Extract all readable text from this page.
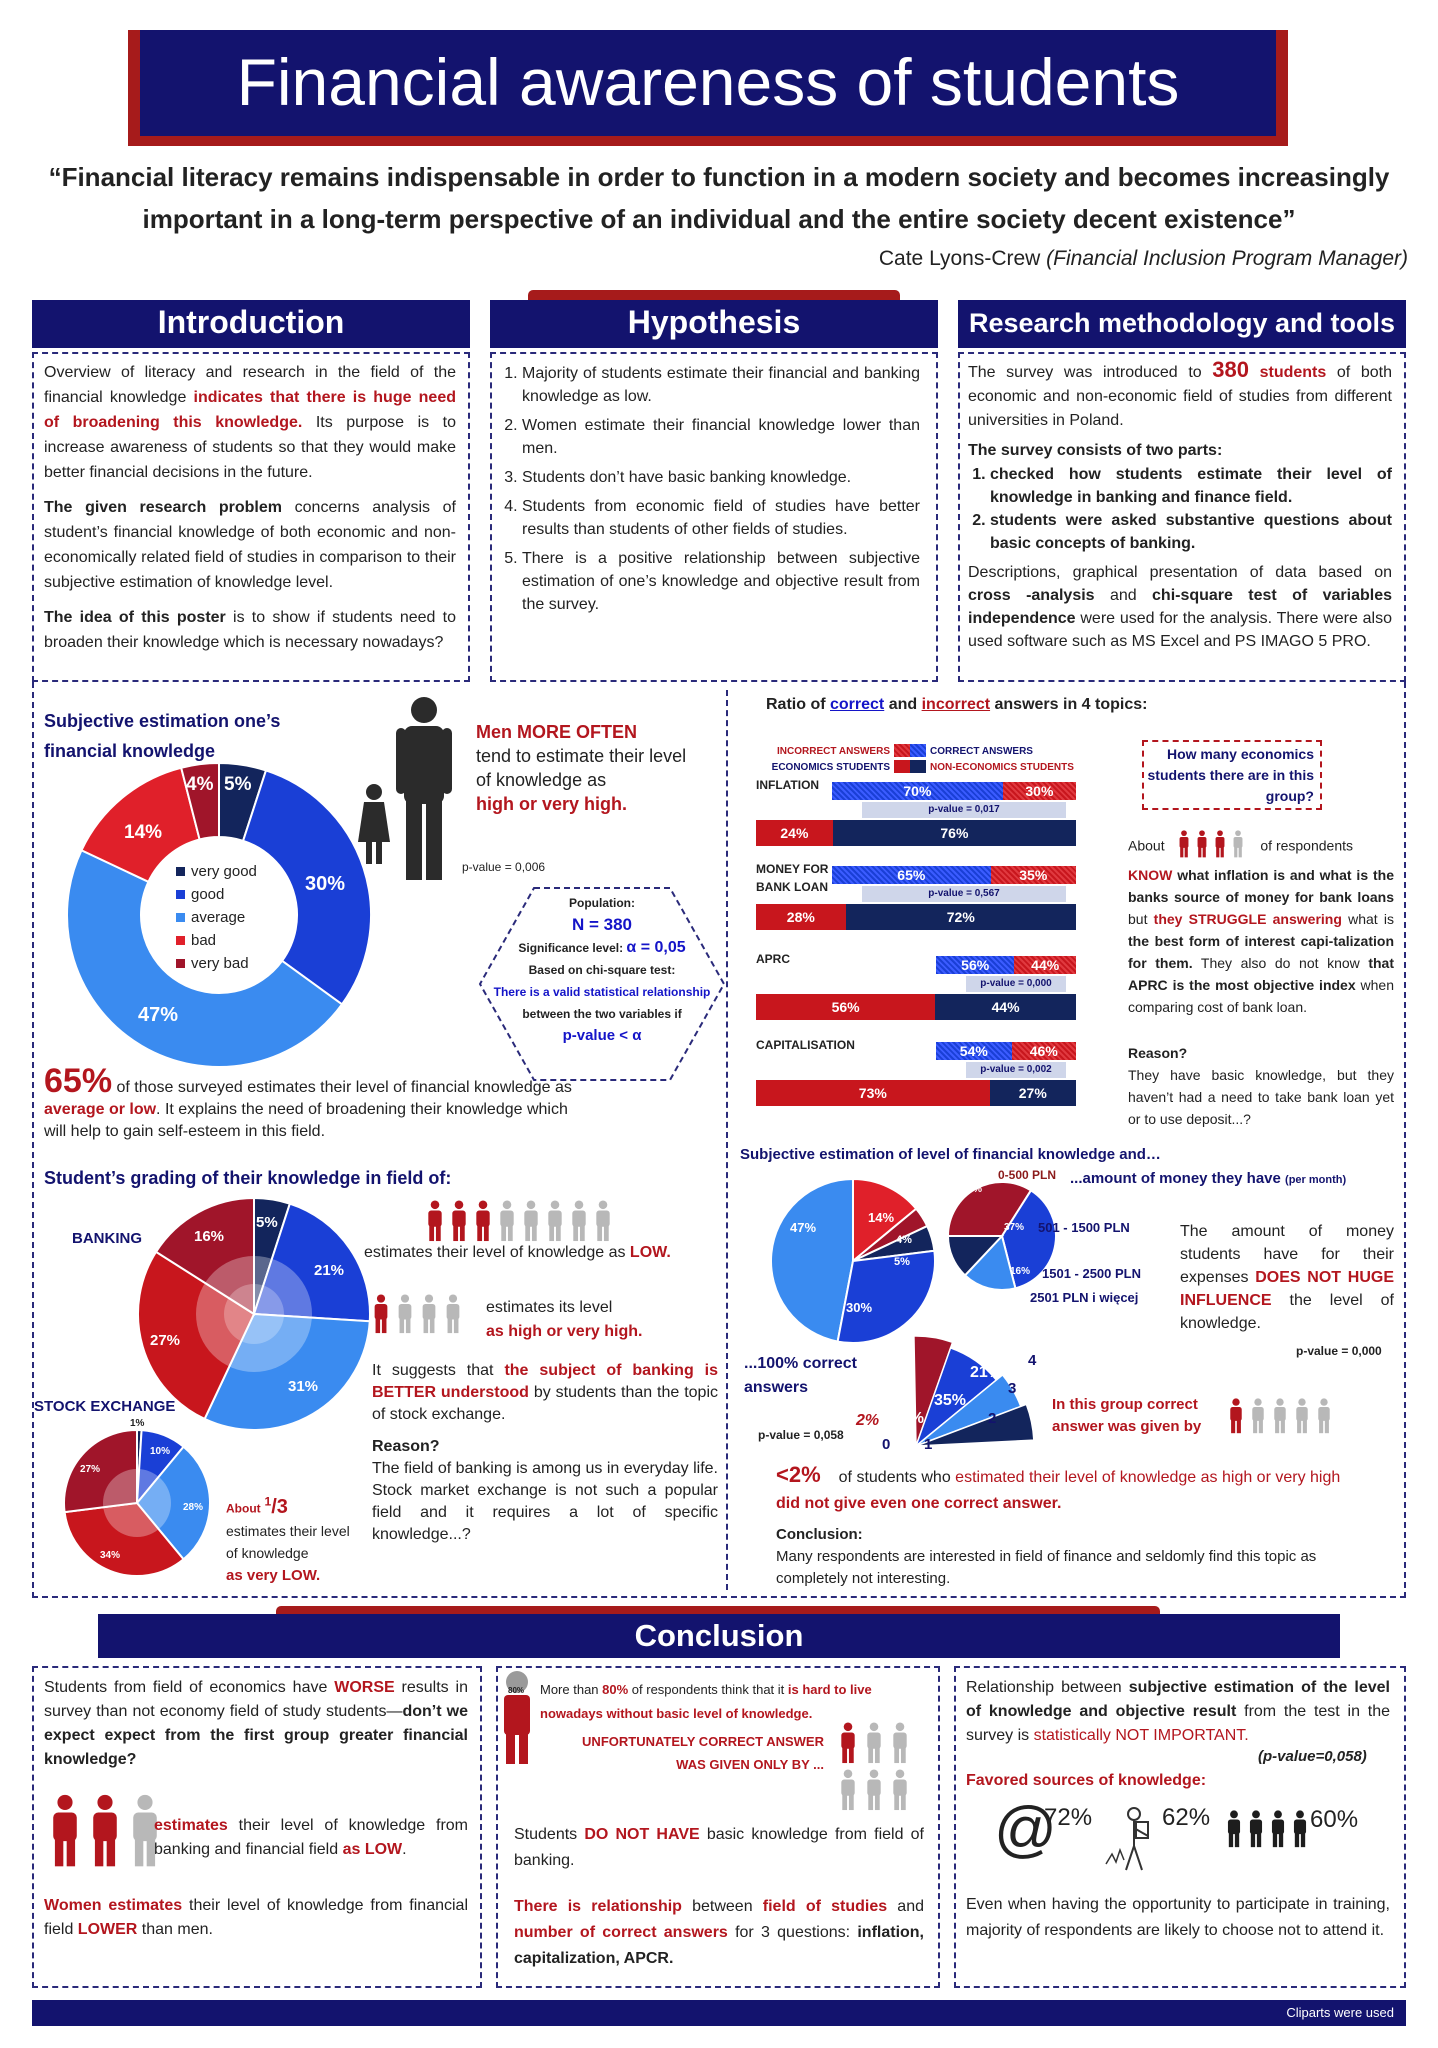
Financial awareness of students
“Financial literacy remains indispensable in order to function in a modern society and becomes increasingly important in a long-term perspective of an individual and the entire society decent existence”
Cate Lyons-Crew (Financial Inclusion Program Manager)
Introduction

Overview of literacy and research in the field of the financial knowledge indicates that there is huge need of broadening this knowledge. Its purpose is to increase awareness of students so that they would make better financial decisions in the future.

The given research problem concerns analysis of student’s financial knowledge of both economic and non-economically related field of studies in comparison to their subjective estimation of knowledge level.

The idea of this poster is to show if students need to broaden their knowledge which is necessary nowadays?

Hypothesis
1. Majority of students estimate their financial and banking knowledge as low.
2. Women estimate their financial knowledge lower than men.
3. Students don’t have basic banking knowledge.
4. Students from economic field of studies have better results than students of other fields of studies.
5. There is a positive relationship between subjective estimation of one’s knowledge and objective result from the survey.
Research methodology and tools

The survey was introduced to 380 students of both economic and non-economic field of studies from different universities in Poland.

The survey consists of two parts:

1. checked how students estimate their level of knowledge in banking and finance field.
2. students were asked substantive questions about basic concepts of banking.

Descriptions, graphical presentation of data based on cross -analysis and chi-square test of variables independence were used for the analysis. There were also used software such as MS Excel and PS IMAGO 5 PRO.

Subjective estimation one’s financial knowledge
very good
good
average
bad
very bad
5%
30%
47%
14%
4%
Men MORE OFTEN
tend to estimate their level of knowledge as
high or very high.
p-value = 0,006
Population:
N = 380
Significance level: α = 0,05
Based on chi-square test:
There is a valid statistical relationship
between the two variables if
p-value < α
65% of those surveyed estimates their level of financial knowledge as average or low. It explains the need of broadening their knowledge which will help to gain self-esteem in this field.
Student’s grading of their knowledge in field of:
BANKING
5%
21%
31%
27%
16%
STOCK EXCHANGE
1%
10%
28%
34%
27%
About $^1$/3
estimates their level of knowledge
as very LOW.
estimates their level of knowledge as LOW.
estimates its level
as high or very high.
It suggests that the subject of banking is BETTER understood by students than the topic of stock exchange.
Reason?
The field of banking is among us in everyday life. Stock market exchange is not such a popular field and it requires a lot of specific knowledge...?
Ratio of correct and incorrect answers in 4 topics:
INCORRECT ANSWERS	CORRECT ANSWERS
ECONOMICS STUDENTS	NON-ECONOMICS STUDENTS
INFLATION	70%	30%
p-value = 0,017
24%	76%
MONEY FOR BANK LOAN
65%	35%
p-value = 0,567
28%	72%
APRC	56%	44%
p-value = 0,000
56%	44%
CAPITALISATION	54%	46%
p-value = 0,002
73%	27%
How many economics students there are in this group?
About	of respondents
KNOW what inflation is and what is the banks source of money for bank loans but they STRUGGLE answering what is the best form of interest capi-talization for them. They also do not know that APRC is the most objective index when comparing cost of bank loan.
Reason?
They have basic knowledge, but they haven’t had a need to take bank loan yet or to use deposit...?
Subjective estimation of level of financial knowledge and…
...amount of money they have (per month)
47%
14%
4%
5%
30%
34%
37%
16%
13%
0-500 PLN
501 - 1500 PLN
1501 - 2500 PLN
2501 PLN i więcej
The amount of money students have for their expenses DOES NOT HUGE INFLUENCE the level of knowledge.
p-value = 0,000
...100% correct answers
2% 23%
35%
21%
20%
0 1
2
3
4
p-value = 0,058
In this group correct answer was given by
<2% of students who estimated their level of knowledge as high or very high
did not give even one correct answer.
Conclusion:
Many respondents are interested in field of finance and seldomly find this topic as completely not interesting.
Conclusion
Students from field of economics have WORSE results in survey than not economy field of study students—don’t we expect expect from the first group greater financial knowledge?
estimates their level of knowledge from banking and financial field as LOW.
Women estimates their level of knowledge from financial field LOWER than men.
80% More than 80% of respondents think that it is hard to live nowadays without basic level of knowledge.
UNFORTUNATELY CORRECT ANSWER WAS GIVEN ONLY BY ...
Students DO NOT HAVE basic knowledge from field of banking.
There is relationship between field of studies and number of correct answers for 3 questions: inflation, capitalization, APCR.
Relationship between subjective estimation of the level of knowledge and objective result from the test in the survey is statistically NOT IMPORTANT.
(p-value=0,058)
Favored sources of knowledge:
@
72%	62%	60%
Even when having the opportunity to participate in training, majority of respondents are likely to choose not to attend it.
Cliparts were used
